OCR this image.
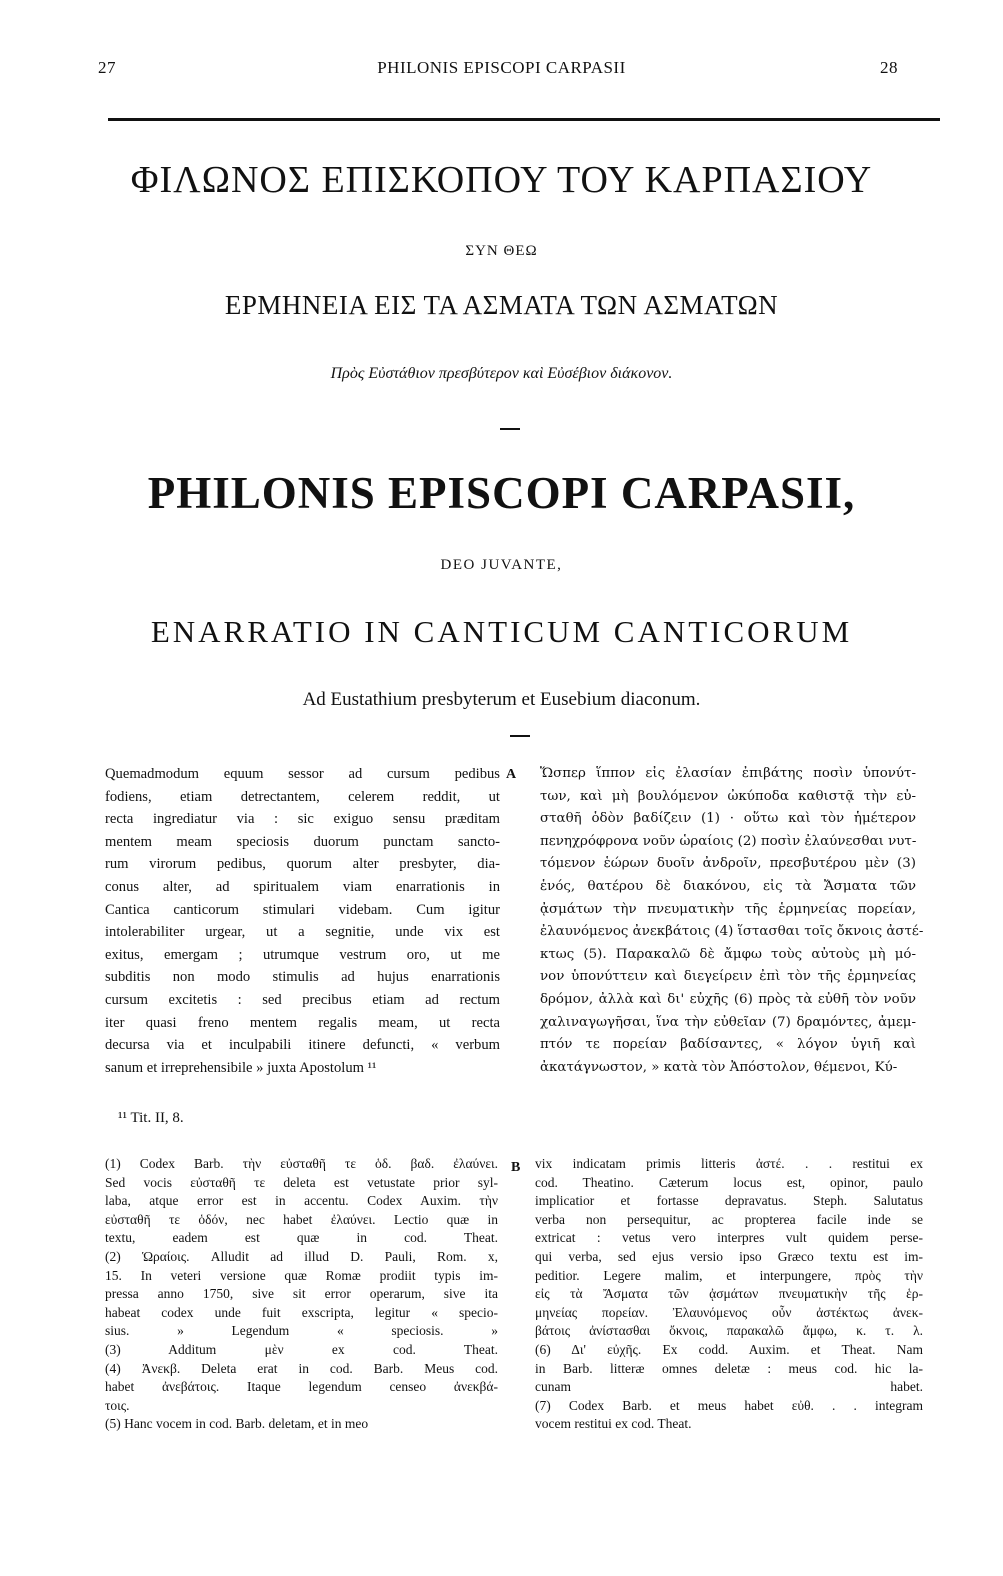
27	PHILONIS EPISCOPI CARPASII	28
ΦΙΛΩΝΟΣ ΕΠΙΣΚΟΠΟΥ ΤΟΥ ΚΑΡΠΑΣΙΟΥ
ΣΥΝ ΘΕΩ
ΕΡΜΗΝΕΙΑ ΕΙΣ ΤΑ ΑΣΜΑΤΑ ΤΩΝ ΑΣΜΑΤΩΝ
Πρὸς Εὐστάθιον πρεσβύτερον καὶ Εὐσέβιον διάκονον.
PHILONIS EPISCOPI CARPASII,
DEO JUVANTE,
ENARRATIO IN CANTICUM CANTICORUM
Ad Eustathium presbyterum et Eusebium diaconum.
A
B
Quemadmodum equum sessor ad cursum pedibus
fodiens, etiam detrectantem, celerem reddit, ut
recta ingrediatur via : sic exiguo sensu præditam
mentem meam speciosis duorum punctam sancto-
rum virorum pedibus, quorum alter presbyter, dia-
conus alter, ad spiritualem viam enarrationis in
Cantica canticorum stimulari videbam. Cum igitur
intolerabiliter urgear, ut a segnitie, unde vix est
exitus, emergam ; utrumque vestrum oro, ut me
subditis non modo stimulis ad hujus enarrationis
cursum excitetis : sed precibus etiam ad rectum
iter quasi freno mentem regalis meam, ut recta
decursa via et inculpabili itinere defuncti, « verbum
sanum et irreprehensibile » juxta Apostolum ¹¹
Ὥσπερ ἵππον εἰς ἐλασίαν ἐπιβάτης ποσὶν ὑπονύτ-
των, καὶ μὴ βουλόμενον ὠκύποδα καθιστᾷ τὴν εὐ-
σταθῆ ὁδὸν βαδίζειν (1) · οὕτω καὶ τὸν ἡμέτερον
πενηχρόφρονα νοῦν ὡραίοις (2) ποσὶν ἐλαύνεσθαι νυτ-
τόμενον ἑώρων δυοῖν ἀνδροῖν, πρεσβυτέρου μὲν (3)
ἑνός, θατέρου δὲ διακόνου, εἰς τὰ Ἄσματα τῶν
ᾀσμάτων τὴν πνευματικὴν τῆς ἑρμηνείας πορείαν,
ἐλαυνόμενος ἀνεκβάτοις (4) ἵστασθαι τοῖς ὄκνοις ἀστέ-
κτως (5). Παρακαλῶ δὲ ἄμφω τοὺς αὐτοὺς μὴ μό-
νον ὑπονύττειν καὶ διεγείρειν ἐπὶ τὸν τῆς ἑρμηνείας
δρόμον, ἀλλὰ καὶ δι' εὐχῆς (6) πρὸς τὰ εὐθῆ τὸν νοῦν
χαλιναγωγῆσαι, ἵνα τὴν εὐθεῖαν (7) δραμόντες, ἀμεμ-
πτόν τε πορείαν βαδίσαντες, « λόγον ὑγιῆ καὶ
ἀκατάγνωστον, » κατὰ τὸν Ἀπόστολον, θέμενοι, Κύ-
¹¹ Tit. II, 8.
(1) Codex Barb. τὴν εὐσταθῆ τε ὁδ. βαδ. ἐλαύνει.
Sed vocis εὐσταθῆ τε deleta est vetustate prior syl-
laba, atque error est in accentu. Codex Auxim. τὴν
εὐσταθῆ τε ὁδόν, nec habet ἐλαύνει. Lectio quæ in
textu, eadem est quæ in cod. Theat.
(2) Ὡραίοις. Alludit ad illud D. Pauli, Rom. x,
15. In veteri versione quæ Romæ prodiit typis im-
pressa anno 1750, sive sit error operarum, sive ita
habeat codex unde fuit exscripta, legitur « specio-
sius. » Legendum « speciosis. »
(3) Additum μὲν ex cod. Theat.
(4) Ἀνεκβ. Deleta erat in cod. Barb. Meus cod.
habet ἀνεβάτοις. Itaque legendum censeo ἀνεκβά-
τοις.
(5) Hanc vocem in cod. Barb. deletam, et in meo
vix indicatam primis litteris ἀστέ. . . restitui ex
cod. Theatino. Cæterum locus est, opinor, paulo
implicatior et fortasse depravatus. Steph. Salutatus
verba non persequitur, ac propterea facile inde se
extricat : vetus vero interpres vult quidem perse-
qui verba, sed ejus versio ipso Græco textu est im-
peditior. Legere malim, et interpungere, πρὸς τὴν
εἰς τὰ Ἄσματα τῶν ᾀσμάτων πνευματικὴν τῆς ἑρ-
μηνείας πορείαν. Ἐλαυνόμενος οὖν ἀστέκτως ἀνεκ-
βάτοις ἀνίστασθαι ὄκνοις, παρακαλῶ ἄμφω, κ. τ. λ.
(6) Δι' εὐχῆς. Ex codd. Auxim. et Theat. Nam
in Barb. litteræ omnes deletæ : meus cod. hic la-
cunam habet.
(7) Codex Barb. et meus habet εὐθ. . . integram
vocem restitui ex cod. Theat.
